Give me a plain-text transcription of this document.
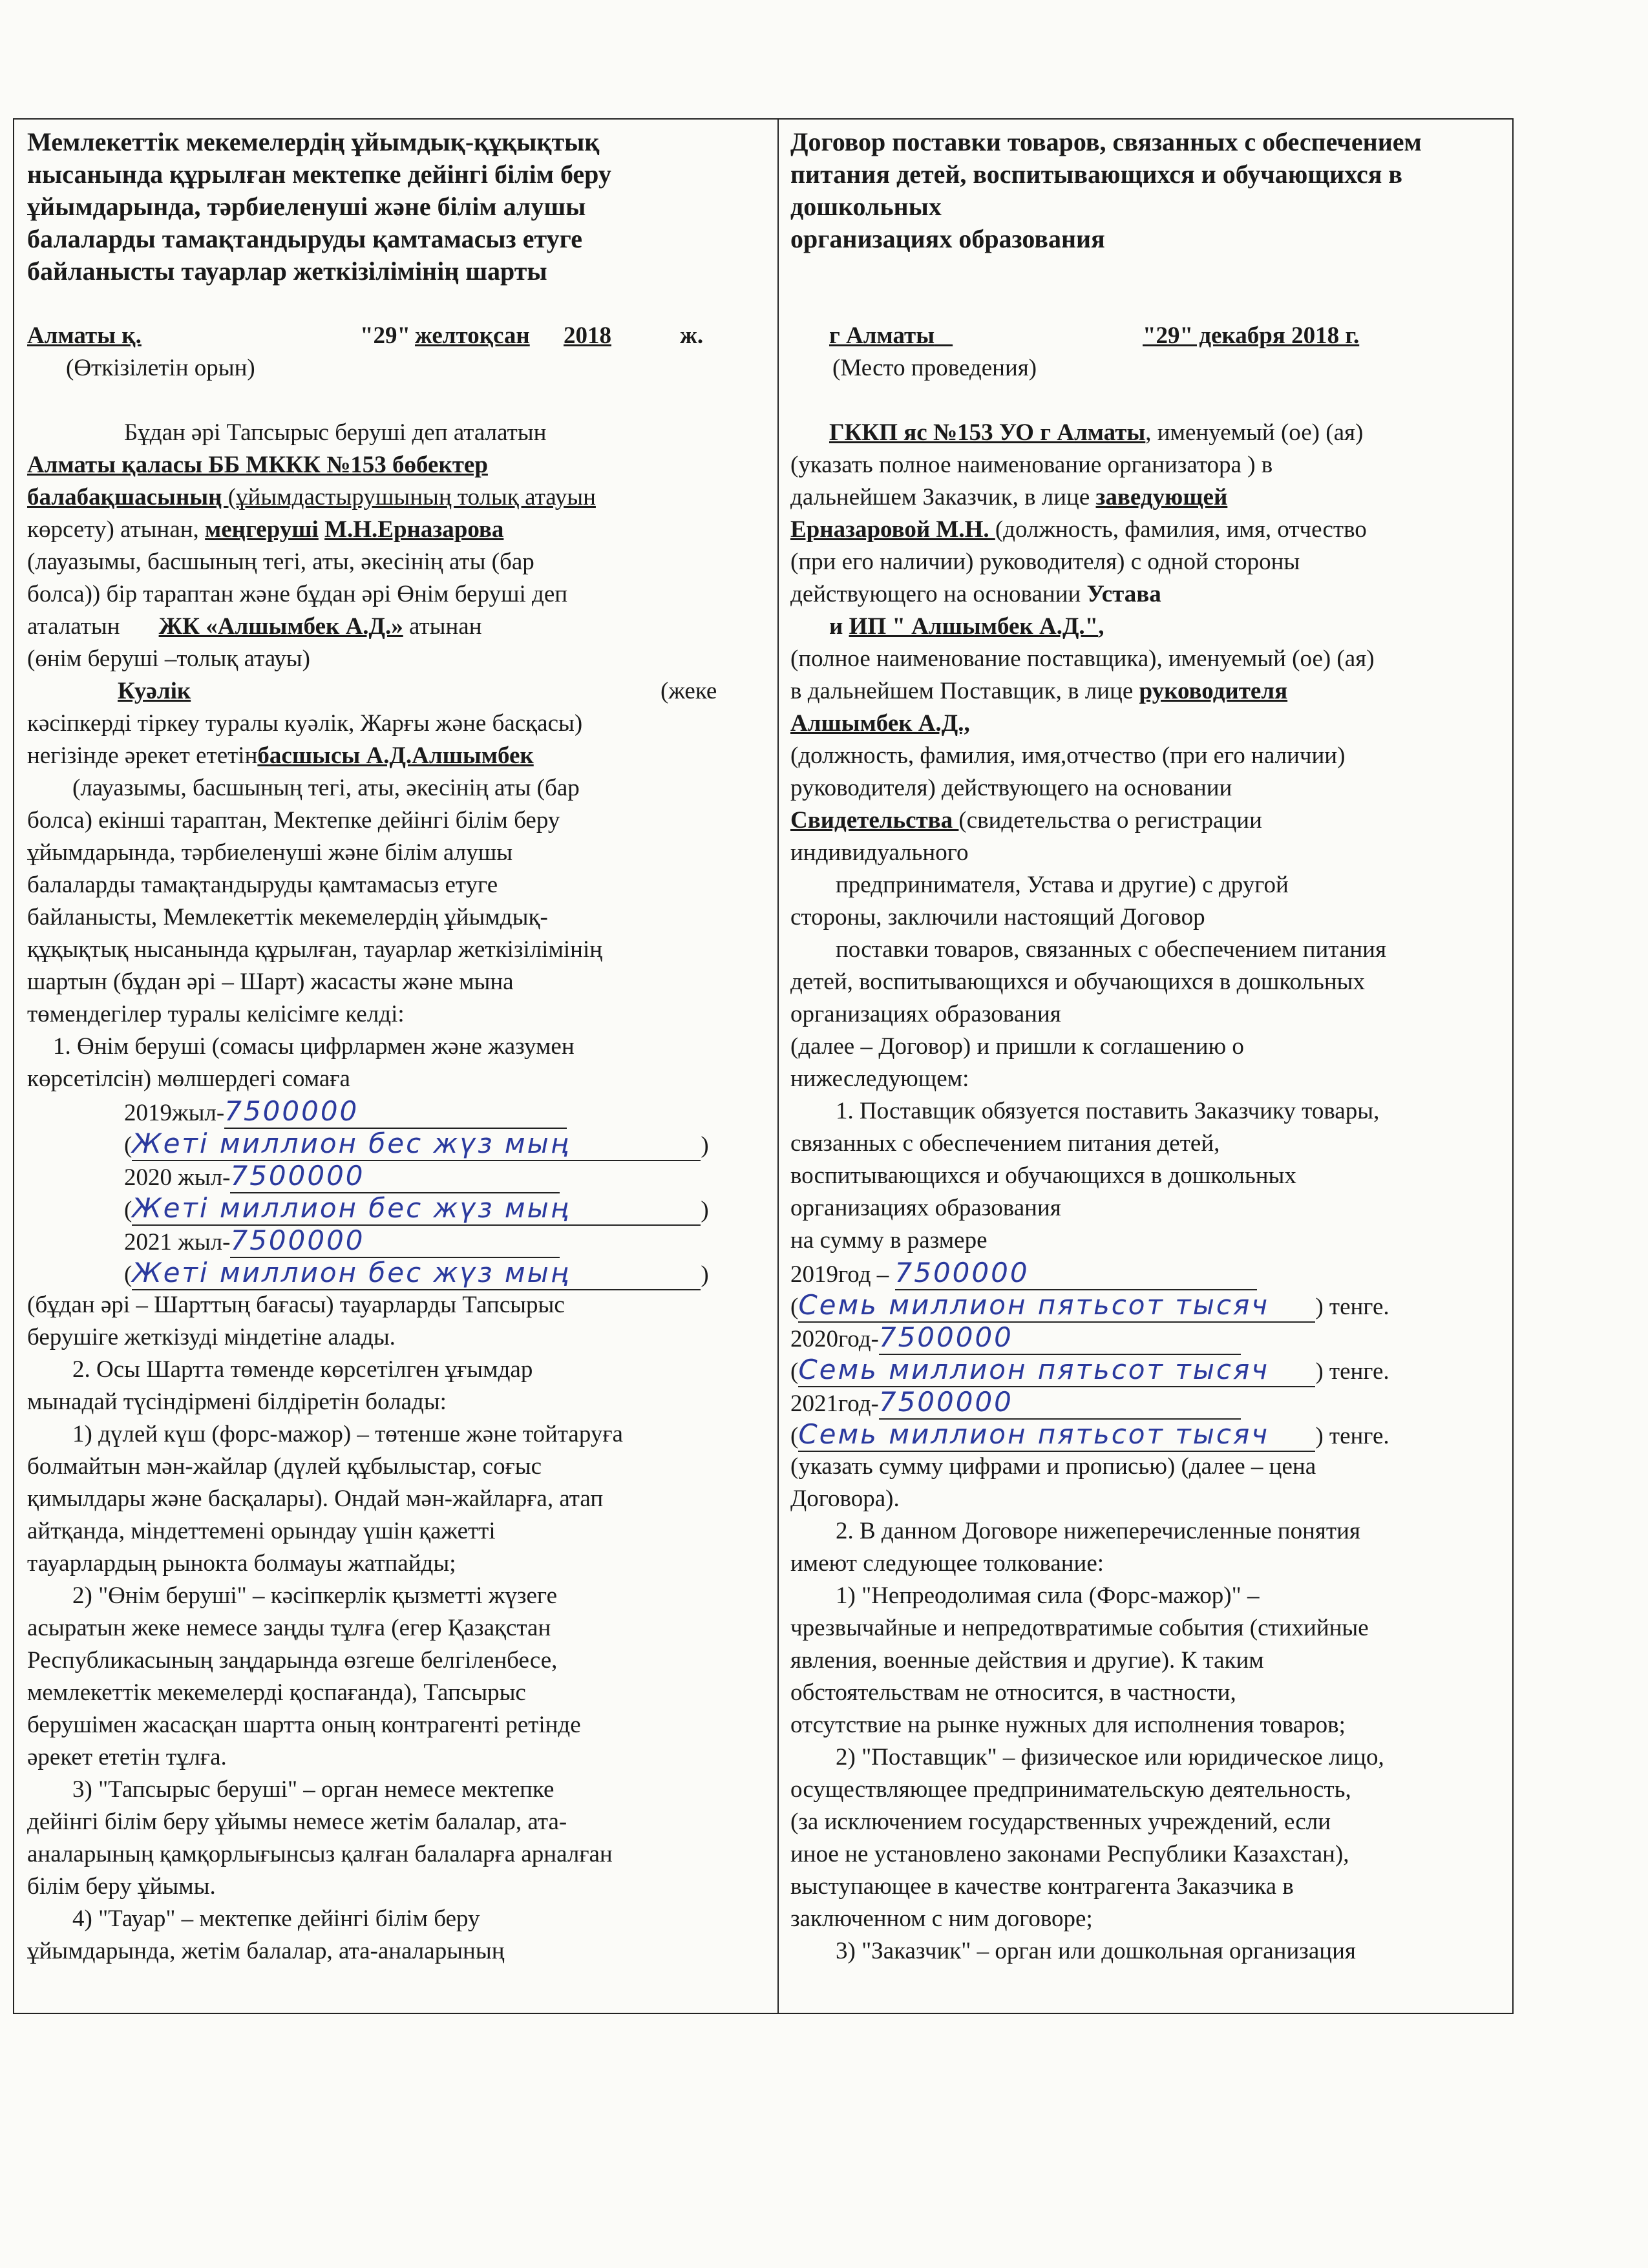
Мемлекеттік мекемелердің ұйымдық-құқықтық
нысанында құрылған мектепке дейінгі білім беру
ұйымдарында, тәрбиеленуші және білім алушы
балаларды тамақтандыруды қамтамасыз етуге
байланысты тауарлар жеткізілімінің шарты
Алматы қ.	"29" желтоқсан 2018	ж.
(Өткізілетін орын)
Бұдан әрі Тапсырыс беруші деп аталатын
Алматы қаласы ББ МККК №153 бөбектер
балабақшасының (ұйымдастырушының толық атауын
көрсету) атынан, меңгеруші М.Н.Ерназарова
(лауазымы, басшының тегі, аты, әкесінің аты (бар
болса)) бір тараптан және бұдан әрі Өнім беруші деп
аталатын ЖК «Алшымбек А.Д.» атынан
(өнім беруші –толық атауы)
Куәлік	(жеке
кәсіпкерді тіркеу туралы куәлік, Жарғы және басқасы)
негізінде әрекет ететінбасшысы А.Д.Алшымбек
(лауазымы, басшының тегі, аты, әкесінің аты (бар
болса) екінші тараптан, Мектепке дейінгі білім беру
ұйымдарында, тәрбиеленуші және білім алушы
балаларды тамақтандыруды қамтамасыз етуге
байланысты, Мемлекеттік мекемелердің ұйымдық-
құқықтық нысанында құрылған, тауарлар жеткізілімінің
шартын (бұдан әрі – Шарт) жасасты және мына
төмендегілер туралы келісімге келді:
1. Өнім беруші (сомасы цифрлармен және жазумен
көрсетілсін) мөлшердегі сомаға
2019жыл-7500000
(Жеті миллион бес жүз мың	)
2020 жыл-7500000
(Жеті миллион бес жүз мың	)
2021 жыл-7500000
(Жеті миллион бес жүз мың	)
(бұдан әрі – Шарттың бағасы) тауарларды Тапсырыс
берушіге жеткізуді міндетіне алады.
2. Осы Шартта төменде көрсетілген ұғымдар
мынадай түсіндірмені білдіретін болады:
1) дүлей күш (форс-мажор) – төтенше және тойтаруға
болмайтын мән-жайлар (дүлей құбылыстар, соғыс
қимылдары және басқалары). Ондай мән-жайларға, атап
айтқанда, міндеттемені орындау үшін қажетті
тауарлардың рынокта болмауы жатпайды;
2) "Өнім беруші" – кәсіпкерлік қызметті жүзеге
асыратын жеке немесе заңды тұлға (егер Қазақстан
Республикасының заңдарында өзгеше белгіленбесе,
мемлекеттік мекемелерді қоспағанда), Тапсырыс
берушімен жасасқан шартта оның контрагенті ретінде
әрекет ететін тұлға.
3) "Тапсырыс беруші" – орган немесе мектепке
дейінгі білім беру ұйымы немесе жетім балалар, ата-
аналарының қамқорлығынсыз қалған балаларға арналған
білім беру ұйымы.
4) "Тауар" – мектепке дейінгі білім беру
ұйымдарында, жетім балалар, ата-аналарының
Договор поставки товаров, связанных с обеспечением
питания детей, воспитывающихся и обучающихся в
дошкольных
организациях образования
г Алматы _	"29" декабря 2018 г.
(Место проведения)
ГККП яс №153 УО г Алматы, именуемый (ое) (ая)
(указать полное наименование организатора ) в
дальнейшем Заказчик, в лице заведующей
Ерназаровой М.Н. (должность, фамилия, имя, отчество
(при его наличии) руководителя) с одной стороны
действующего на основании Устава
и ИП " Алшымбек А.Д.",
(полное наименование поставщика), именуемый (ое) (ая)
в дальнейшем Поставщик, в лице руководителя
Алшымбек А.Д.,
(должность, фамилия, имя,отчество (при его наличии)
руководителя) действующего на основании
Свидетельства (свидетельства о регистрации
индивидуального
предпринимателя, Устава и другие) с другой
стороны, заключили настоящий Договор
поставки товаров, связанных с обеспечением питания
детей, воспитывающихся и обучающихся в дошкольных
организациях образования
(далее – Договор) и пришли к соглашению о
нижеследующем:
1. Поставщик обязуется поставить Заказчику товары,
связанных с обеспечением питания детей,
воспитывающихся и обучающихся в дошкольных
организациях образования
на сумму в размере
2019год – 7500000
(Семь миллион пятьсот тысяч ) тенге.
2020год-7500000
(Семь миллион пятьсот тысяч ) тенге.
2021год-7500000
(Семь миллион пятьсот тысяч ) тенге.
(указать сумму цифрами и прописью) (далее – цена
Договора).
2. В данном Договоре нижеперечисленные понятия
имеют следующее толкование:
1) "Непреодолимая сила (Форс-мажор)" –
чрезвычайные и непредотвратимые события (стихийные
явления, военные действия и другие). К таким
обстоятельствам не относится, в частности,
отсутствие на рынке нужных для исполнения товаров;
2) "Поставщик" – физическое или юридическое лицо,
осуществляющее предпринимательскую деятельность,
(за исключением государственных учреждений, если
иное не установлено законами Республики Казахстан),
выступающее в качестве контрагента Заказчика в
заключенном с ним договоре;
3) "Заказчик" – орган или дошкольная организация
